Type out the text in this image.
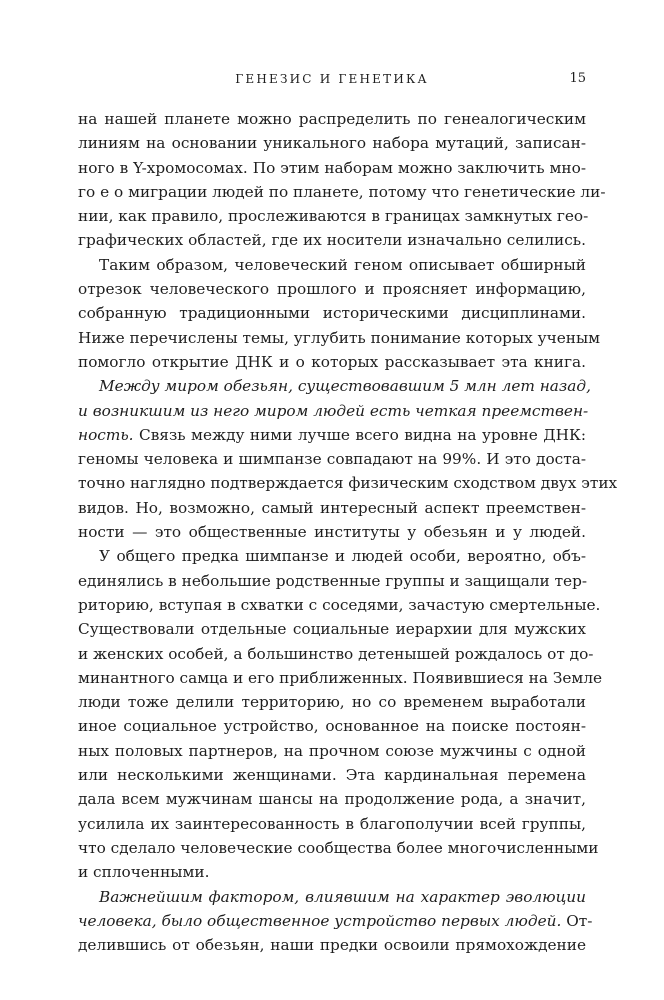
ГЕНЕЗИС И ГЕНЕТИКА	15
на нашей планете можно распределить по генеалогическим
линиям на основании уникального набора мутаций, записан-
ного в Y-хромосомах. По этим наборам можно заключить мно-
го е о миграции людей по планете, потому что генетические ли-
нии, как правило, прослеживаются в границах замкнутых гео-
графических областей, где их носители изначально селились.
Таким образом, человеческий геном описывает обширный
отрезок человеческого прошлого и проясняет информацию,
собранную традиционными историческими дисциплинами.
Ниже перечислены темы, углубить понимание которых ученым
помогло открытие ДНК и о которых рассказывает эта книга.
Между миром обезьян, существовавшим 5 млн лет назад,
и возникшим из него миром людей есть четкая преемствен-
ность. Связь между ними лучше всего видна на уровне ДНК:
геномы человека и шимпанзе совпадают на 99%. И это доста-
точно наглядно подтверждается физическим сходством двух этих
видов. Но, возможно, самый интересный аспект преемствен-
ности — это общественные институты у обезьян и у людей.
У общего предка шимпанзе и людей особи, вероятно, объ-
единялись в небольшие родственные группы и защищали тер-
риторию, вступая в схватки с соседями, зачастую смертельные.
Существовали отдельные социальные иерархии для мужских
и женских особей, а большинство детенышей рождалось от до-
минантного самца и его приближенных. Появившиеся на Земле
люди тоже делили территорию, но со временем выработали
иное социальное устройство, основанное на поиске постоян-
ных половых партнеров, на прочном союзе мужчины с одной
или несколькими женщинами. Эта кардинальная перемена
дала всем мужчинам шансы на продолжение рода, а значит,
усилила их заинтересованность в благополучии всей группы,
что сделало человеческие сообщества более многочисленными
и сплоченными.
Важнейшим фактором, влиявшим на характер эволюции
человека, было общественное устройство первых людей. От-
делившись от обезьян, наши предки освоили прямохождение
